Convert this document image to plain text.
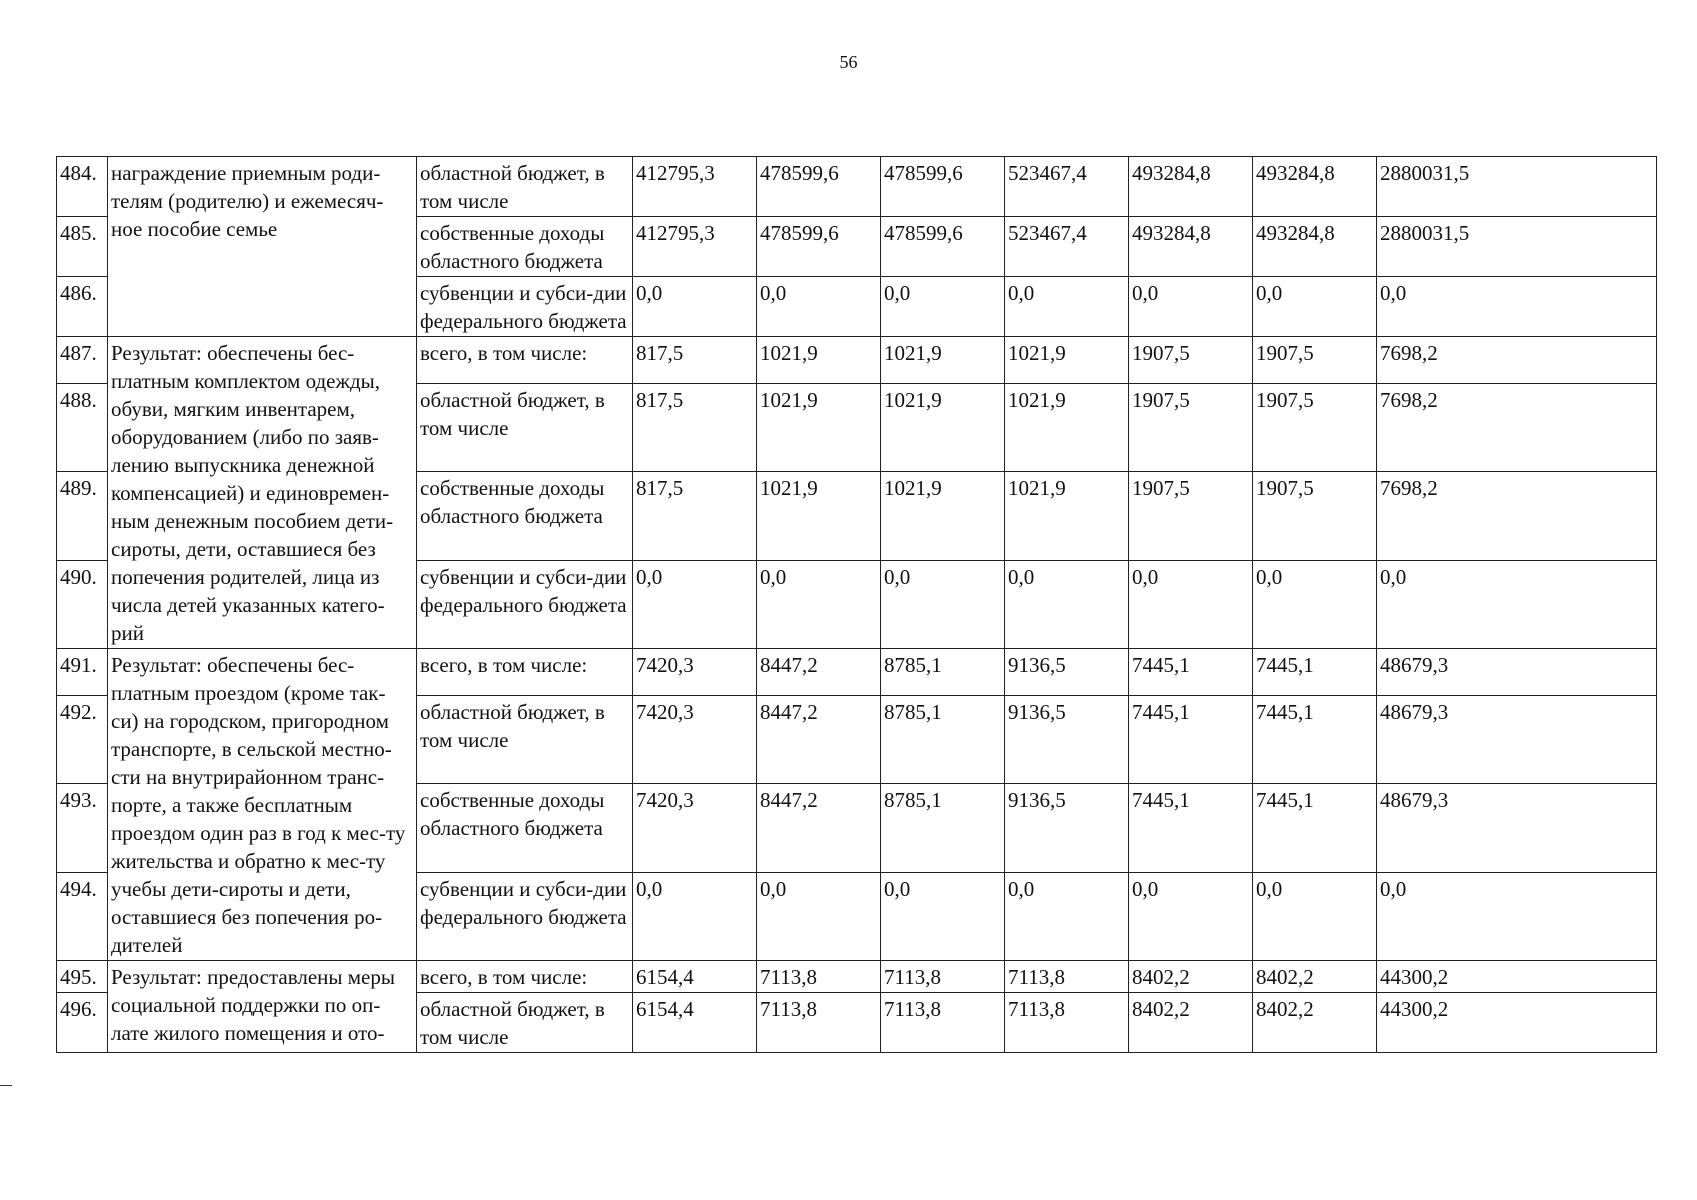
56
484.	награждение приемным роди-телям (родителю) и ежемесяч-ное пособие семье	областной бюджет, в том числе	412795,3	478599,6	478599,6	523467,4	493284,8	493284,8	2880031,5
485.		собственные доходы областного бюджета	412795,3	478599,6	478599,6	523467,4	493284,8	493284,8	2880031,5
486.		субвенции и субси-дии федерального бюджета	0,0	0,0	0,0	0,0	0,0	0,0	0,0
487.	Результат: обеспечены бес-платным комплектом одежды, обуви, мягким инвентарем, оборудованием (либо по заяв-лению выпускника денежной компенсацией) и единовремен-ным денежным пособием дети-сироты, дети, оставшиеся без попечения родителей, лица из числа детей указанных катего-рий	всего, в том числе:	817,5	1021,9	1021,9	1021,9	1907,5	1907,5	7698,2
488.		областной бюджет, в том числе	817,5	1021,9	1021,9	1021,9	1907,5	1907,5	7698,2
489.		собственные доходы областного бюджета	817,5	1021,9	1021,9	1021,9	1907,5	1907,5	7698,2
490.		субвенции и субси-дии федерального бюджета	0,0	0,0	0,0	0,0	0,0	0,0	0,0
491.	Результат: обеспечены бес-платным проездом (кроме так-си) на городском, пригородном транспорте, в сельской местно-сти на внутрирайонном транс-порте, а также бесплатным проездом один раз в год к мес-ту жительства и обратно к мес-ту учебы дети-сироты и дети, оставшиеся без попечения ро-дителей	всего, в том числе:	7420,3	8447,2	8785,1	9136,5	7445,1	7445,1	48679,3
492.		областной бюджет, в том числе	7420,3	8447,2	8785,1	9136,5	7445,1	7445,1	48679,3
493.		собственные доходы областного бюджета	7420,3	8447,2	8785,1	9136,5	7445,1	7445,1	48679,3
494.		субвенции и субси-дии федерального бюджета	0,0	0,0	0,0	0,0	0,0	0,0	0,0
495.	Результат: предоставлены меры социальной поддержки по оп-лате жилого помещения и ото-	всего, в том числе:	6154,4	7113,8	7113,8	7113,8	8402,2	8402,2	44300,2
496.		областной бюджет, в том числе	6154,4	7113,8	7113,8	7113,8	8402,2	8402,2	44300,2
